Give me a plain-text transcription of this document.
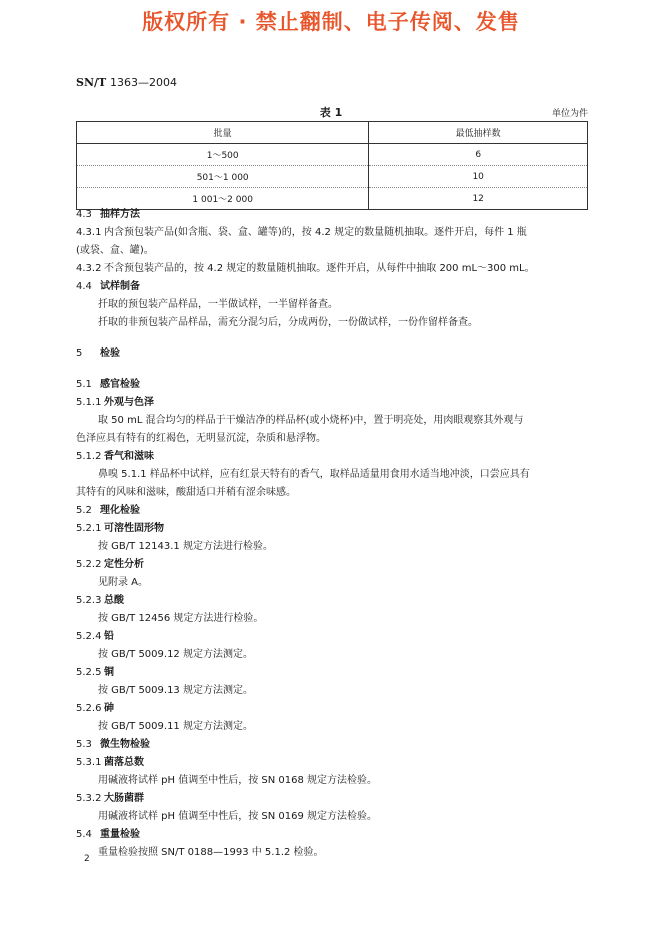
版权所有 · 禁止翻制、电子传阅、发售
SN/T 1363—2004
表 1	单位为件
批量	最低抽样数
1～500	6
501～1 000	10
1 001～2 000	12

4.3 抽样方法

4.3.1 内含预包装产品(如含瓶、袋、盒、罐等)的，按 4.2 规定的数量随机抽取。逐件开启，每件 1 瓶

(或袋、盒、罐)。

4.3.2 不含预包装产品的，按 4.2 规定的数量随机抽取。逐件开启，从每件中抽取 200 mL～300 mL。

4.4 试样制备

扦取的预包装产品样品，一半做试样，一半留样备查。

扦取的非预包装产品样品，需充分混匀后，分成两份，一份做试样，一份作留样备查。

5 检验

5.1 感官检验

5.1.1 外观与色泽

取 50 mL 混合均匀的样品于干燥洁净的样品杯(或小烧杯)中，置于明亮处，用肉眼观察其外观与

色泽应具有特有的红褐色，无明显沉淀，杂质和悬浮物。

5.1.2 香气和滋味

鼻嗅 5.1.1 样品杯中试样，应有红景天特有的香气，取样品适量用食用水适当地冲淡，口尝应具有

其特有的风味和滋味，酸甜适口并稍有涩余味感。

5.2 理化检验

5.2.1 可溶性固形物

按 GB/T 12143.1 规定方法进行检验。

5.2.2 定性分析

见附录 A。

5.2.3 总酸

按 GB/T 12456 规定方法进行检验。

5.2.4 铅

按 GB/T 5009.12 规定方法测定。

5.2.5 铜

按 GB/T 5009.13 规定方法测定。

5.2.6 砷

按 GB/T 5009.11 规定方法测定。

5.3 微生物检验

5.3.1 菌落总数

用碱液将试样 pH 值调至中性后，按 SN 0168 规定方法检验。

5.3.2 大肠菌群

用碱液将试样 pH 值调至中性后，按 SN 0169 规定方法检验。

5.4 重量检验

重量检验按照 SN/T 0188—1993 中 5.1.2 检验。

2
